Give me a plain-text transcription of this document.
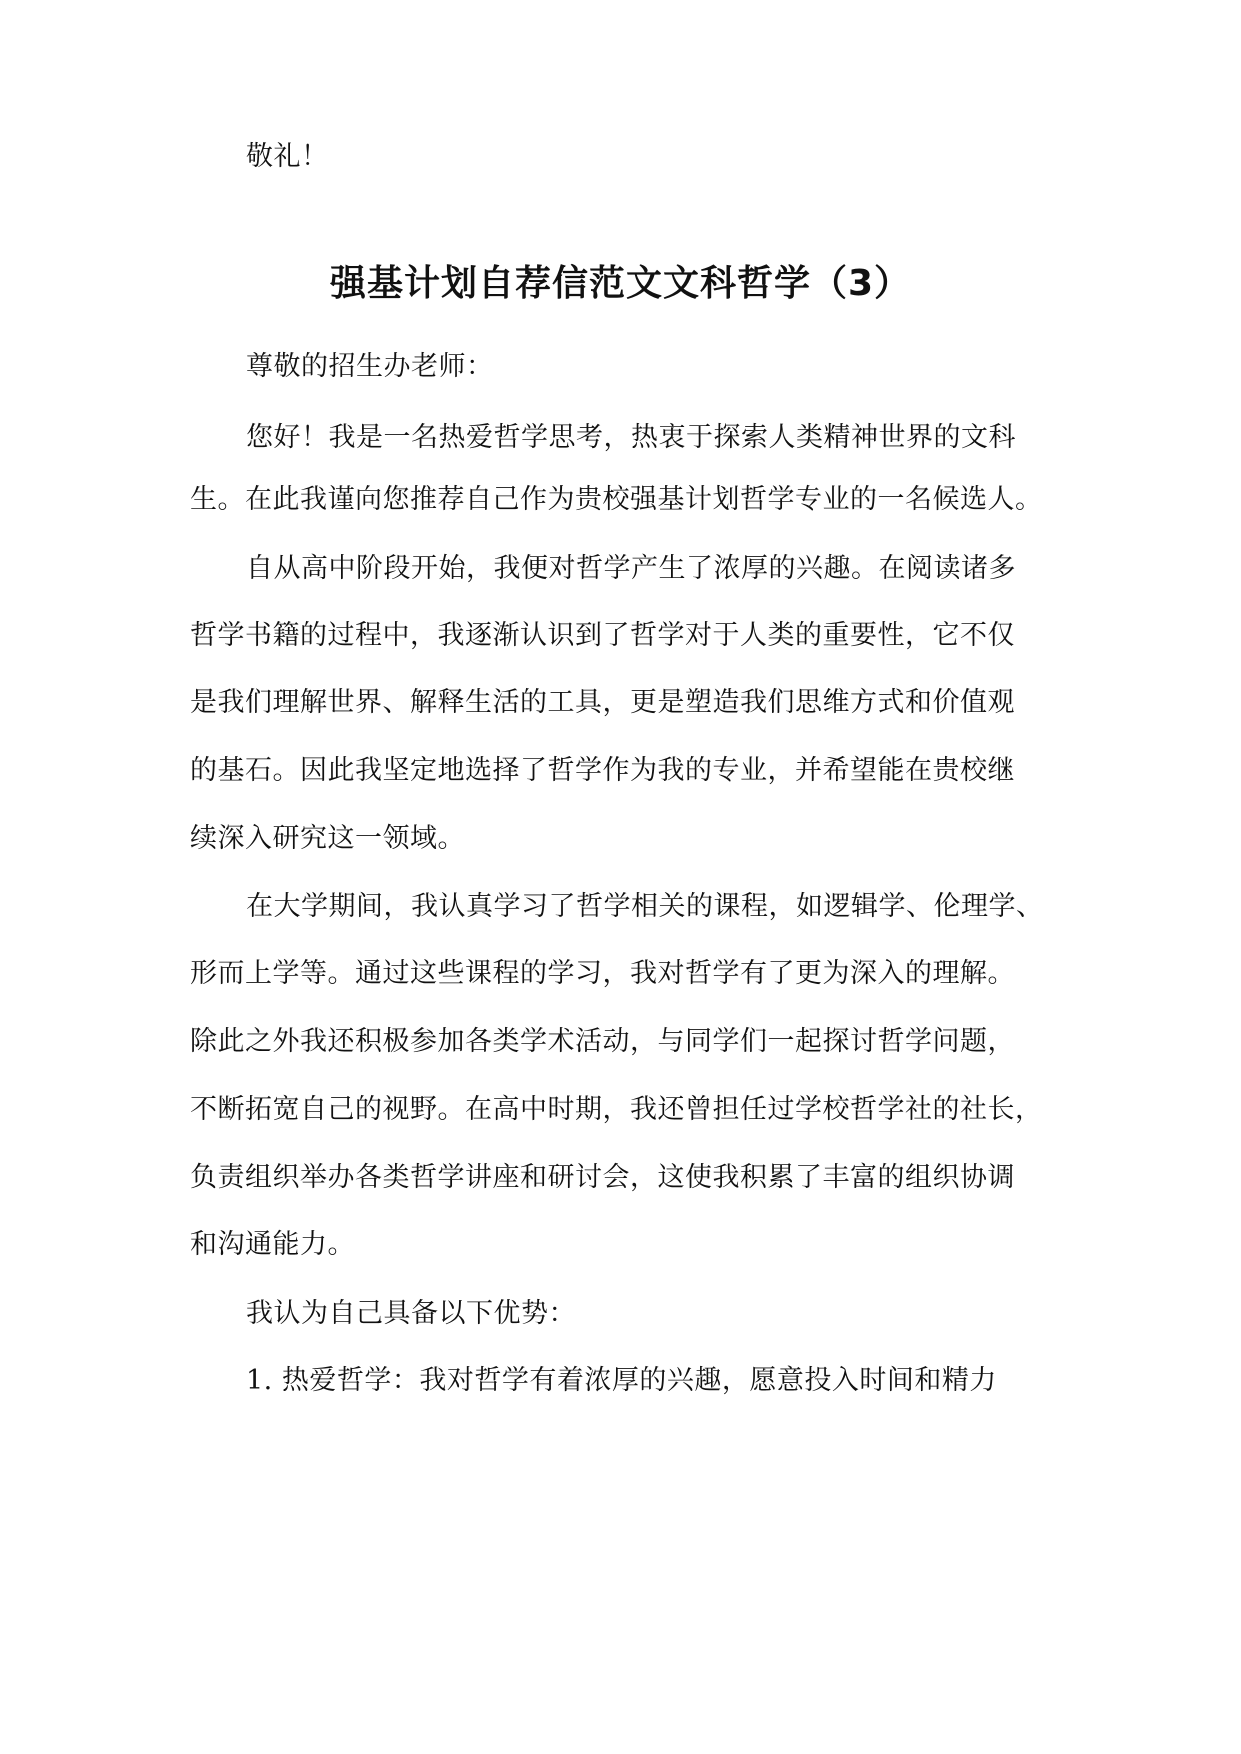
敬礼！
强基计划自荐信范文文科哲学（3）
尊敬的招生办老师：
您好！我是一名热爱哲学思考，热衷于探索人类精神世界的文科
生。在此我谨向您推荐自己作为贵校强基计划哲学专业的一名候选人。
自从高中阶段开始，我便对哲学产生了浓厚的兴趣。在阅读诸多
哲学书籍的过程中，我逐渐认识到了哲学对于人类的重要性，它不仅
是我们理解世界、解释生活的工具，更是塑造我们思维方式和价值观
的基石。因此我坚定地选择了哲学作为我的专业，并希望能在贵校继
续深入研究这一领域。
在大学期间，我认真学习了哲学相关的课程，如逻辑学、伦理学、
形而上学等。通过这些课程的学习，我对哲学有了更为深入的理解。
除此之外我还积极参加各类学术活动，与同学们一起探讨哲学问题，
不断拓宽自己的视野。在高中时期，我还曾担任过学校哲学社的社长，
负责组织举办各类哲学讲座和研讨会，这使我积累了丰富的组织协调
和沟通能力。
我认为自己具备以下优势：
1. 热爱哲学：我对哲学有着浓厚的兴趣，愿意投入时间和精力
